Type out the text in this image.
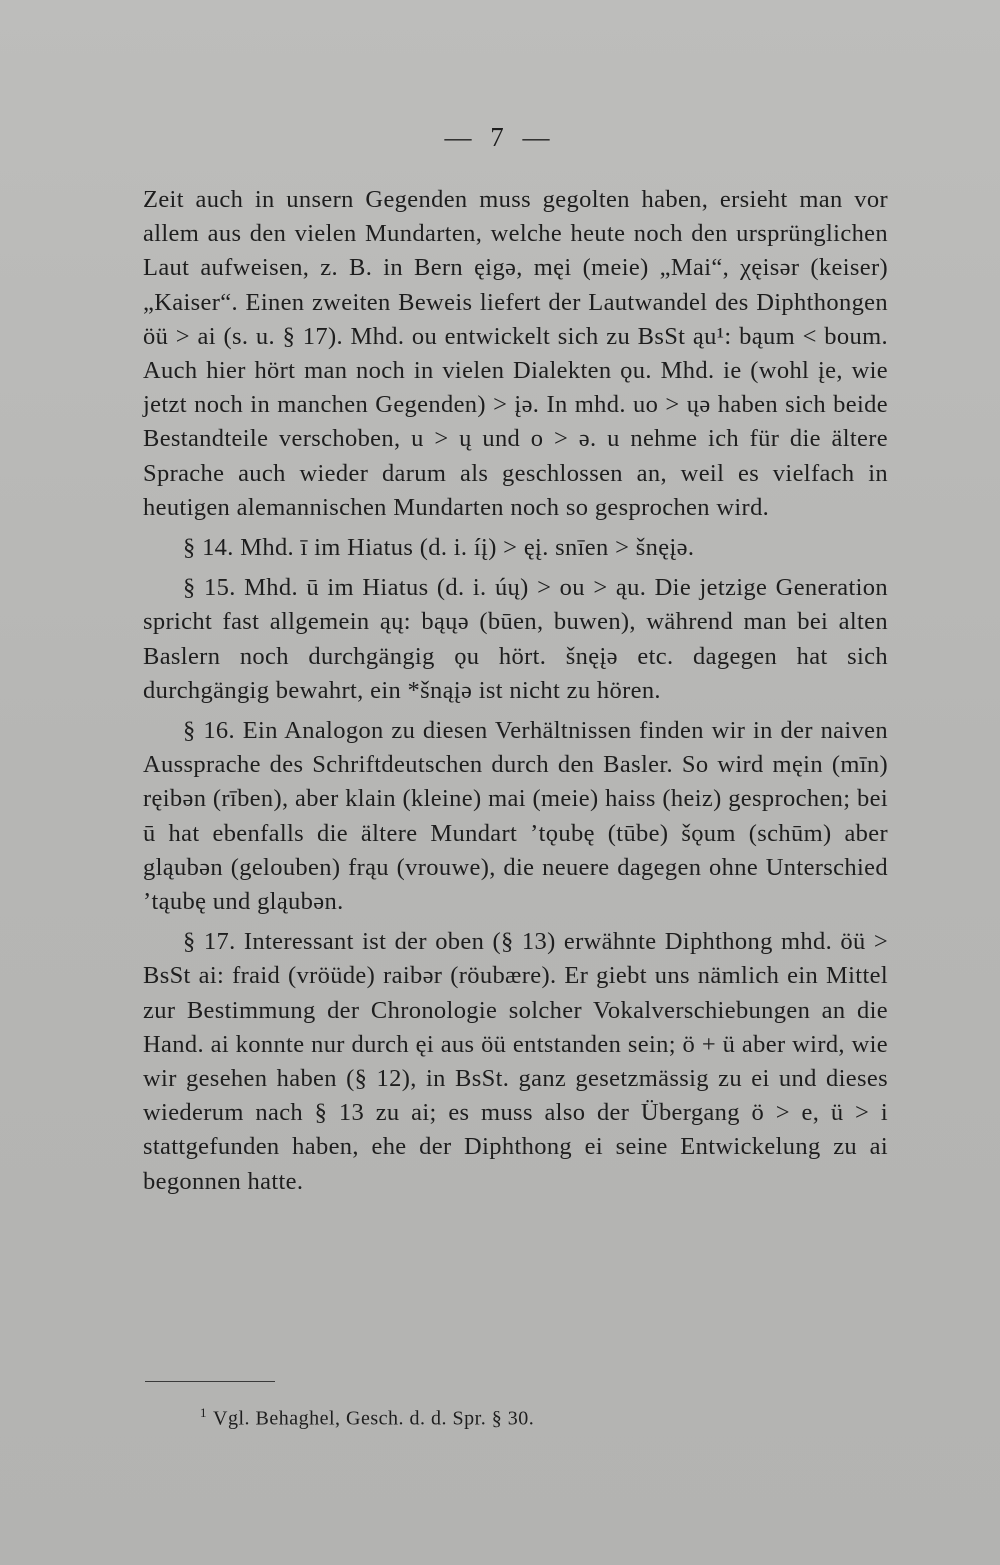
— 7 —

Zeit auch in unsern Gegenden muss gegolten haben, ersieht man vor allem aus den vielen Mundarten, welche heute noch den ursprünglichen Laut aufweisen, z. B. in Bern ęigə, męi (meie) „Mai“, χęisər (keiser) „Kaiser“. Einen zweiten Beweis liefert der Lautwandel des Diphthongen öü > ai (s. u. § 17). Mhd. ou entwickelt sich zu BsSt ąu¹: bąum < boum. Auch hier hört man noch in vielen Dialekten ǫu. Mhd. ie (wohl įe, wie jetzt noch in manchen Gegenden) > įə. In mhd. uo > ųə haben sich beide Bestandteile verschoben, u > ų und o > ə. u nehme ich für die ältere Sprache auch wieder darum als geschlossen an, weil es vielfach in heutigen alemannischen Mundarten noch so gesprochen wird.

§ 14. Mhd. ī im Hiatus (d. i. íį) > ęį. snīen > šnęįə.

§ 15. Mhd. ū im Hiatus (d. i. úų) > ou > ąu. Die jetzige Generation spricht fast allgemein ąų: bąųə (būen, buwen), während man bei alten Baslern noch durchgängig ǫu hört. šnęįə etc. dagegen hat sich durchgängig bewahrt, ein *šnąįə ist nicht zu hören.

§ 16. Ein Analogon zu diesen Verhältnissen finden wir in der naiven Aussprache des Schriftdeutschen durch den Basler. So wird męin (mīn) ręibən (rīben), aber klain (kleine) mai (meie) haiss (heiz) gesprochen; bei ū hat ebenfalls die ältere Mundart ʼtǫubę (tūbe) šǫum (schūm) aber gląubən (gelouben) frąu (vrouwe), die neuere dagegen ohne Unterschied ʼtąubę und gląubən.

§ 17. Interessant ist der oben (§ 13) erwähnte Diphthong mhd. öü > BsSt ai: fraid (vröüde) raibər (röubære). Er giebt uns nämlich ein Mittel zur Bestimmung der Chronologie solcher Vokalverschiebungen an die Hand. ai konnte nur durch ęi aus öü entstanden sein; ö + ü aber wird, wie wir gesehen haben (§ 12), in BsSt. ganz gesetzmässig zu ei und dieses wiederum nach § 13 zu ai; es muss also der Übergang ö > e, ü > i stattgefunden haben, ehe der Diphthong ei seine Entwickelung zu ai begonnen hatte.

$^1$ Vgl. Behaghel, Gesch. d. d. Spr. § 30.
